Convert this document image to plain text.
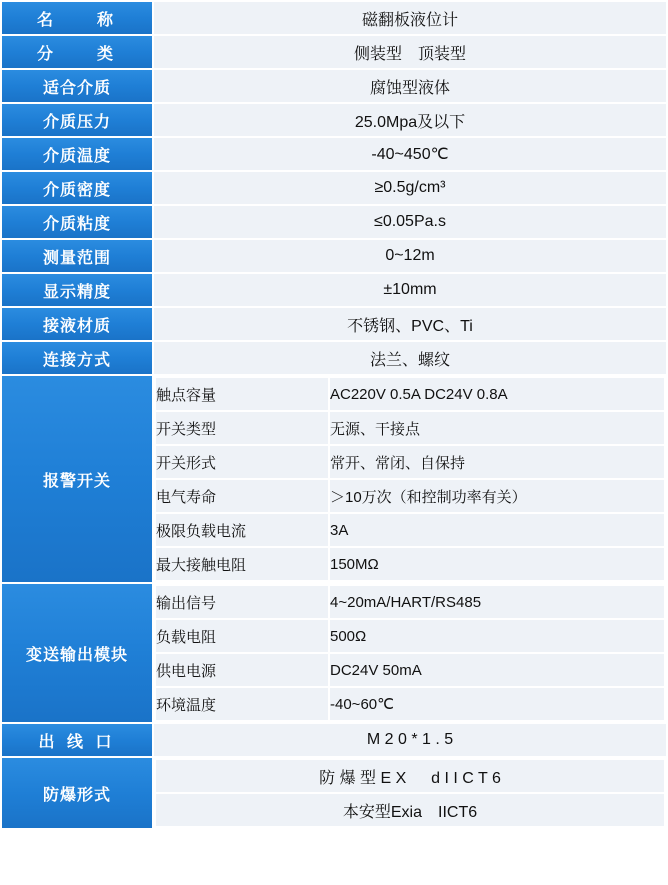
名　　称	磁翻板液位计
分　　类	侧装型　顶装型
适合介质	腐蚀型液体
介质压力	25.0Mpa及以下
介质温度	-40~450℃
介质密度	≥0.5g/cm³
介质粘度	≤0.05Pa.s
测量范围	0~12m
显示精度	±10mm
接液材质	不锈钢、PVC、Ti
连接方式	法兰、螺纹
报警开关	
触点容量	AC220V 0.5A DC24V 0.8A
开关类型	无源、干接点
开关形式	常开、常闭、自保持
电气寿命	＞10万次（和控制功率有关）
极限负载电流	3A
最大接触电阻	150MΩ

变送输出模块	
输出信号	4~20mA/HART/RS485
负载电阻	500Ω
供电电源	DC24V 50mA
环境温度	-40~60℃

出 线 口	M 2 0 * 1 . 5
防爆形式	
防 爆 型 E X 　 d I I C T 6
本安型Exia　IICT6
